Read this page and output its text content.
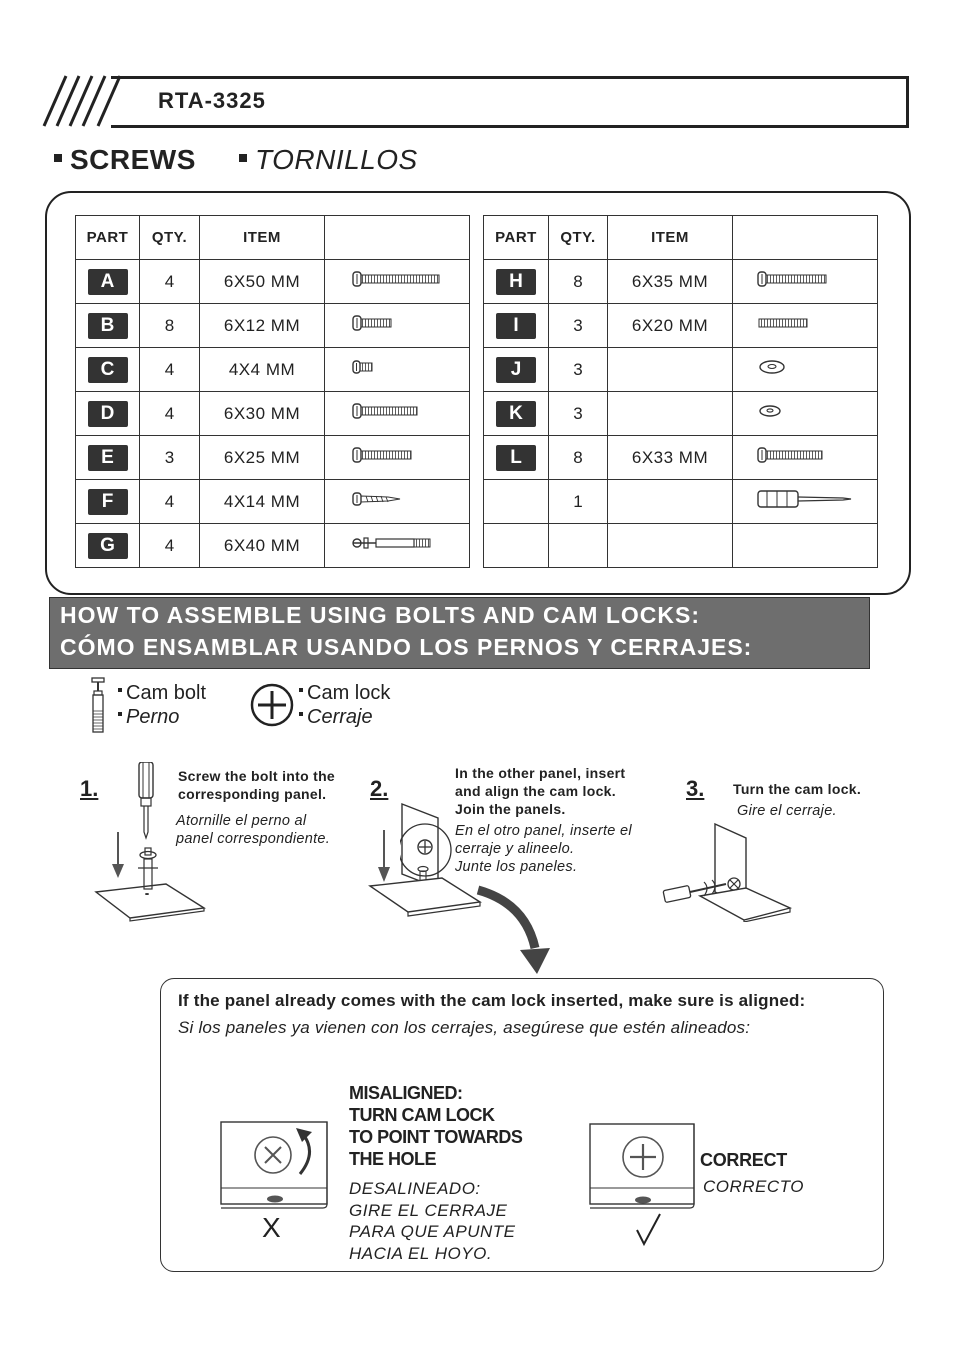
RTA-3325
SCREWS	TORNILLOS
PART	QTY.	ITEM	
A	4	6X50 MM	
B	8	6X12 MM	
C	4	4X4 MM	
D	4	6X30 MM	
E	3	6X25 MM	
F	4	4X14 MM	
G	4	6X40 MM	
PART	QTY.	ITEM	
H	8	6X35 MM	
I	3	6X20 MM	
J	3		
K	3		
L	8	6X33 MM	
	1		

HOW TO ASSEMBLE USING BOLTS AND CAM LOCKS:
CÓMO ENSAMBLAR USANDO LOS PERNOS Y CERRAJES:
Cam bolt
Perno
Cam lock
Cerraje
1.	Screw the bolt into the
corresponding panel.
Atornille el perno al
panel correspondiente.
2.
In the other panel, insert
and align the cam lock.
Join the panels.
En el otro panel, inserte el
cerraje y alineelo.
Junte los paneles.
3. Turn the cam lock.
Gire el cerraje.
If the panel already comes with the cam lock inserted, make sure is aligned:
Si los paneles ya vienen con los cerrajes, asegúrese que estén alineados:
X
MISALIGNED:
TURN CAM LOCK
TO POINT TOWARDS
THE HOLE
DESALINEADO:
GIRE EL CERRAJE
PARA QUE APUNTE
HACIA EL HOYO.
CORRECT
CORRECTO
